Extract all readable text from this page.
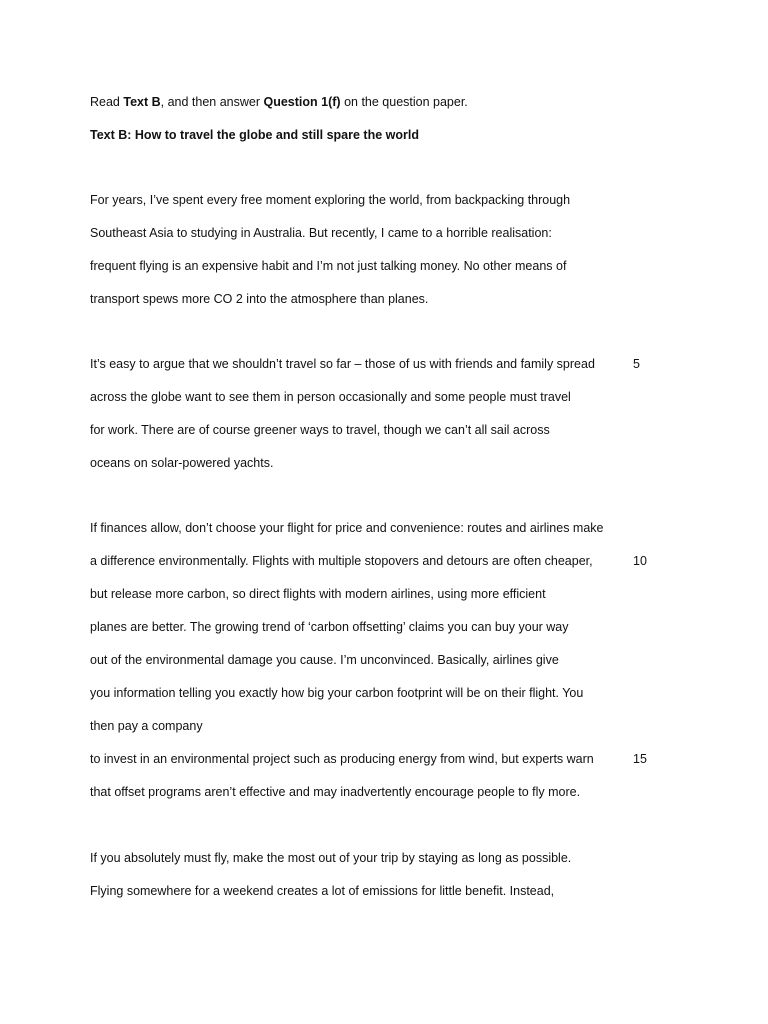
Read Text B, and then answer Question 1(f) on the question paper.
Text B: How to travel the globe and still spare the world
For years, I’ve spent every free moment exploring the world, from backpacking through
Southeast Asia to studying in Australia. But recently, I came to a horrible realisation:
frequent flying is an expensive habit and I’m not just talking money. No other means of
transport spews more CO 2 into the atmosphere than planes.
It’s easy to argue that we shouldn’t travel so far – those of us with friends and family spread	5
across the globe want to see them in person occasionally and some people must travel
for work. There are of course greener ways to travel, though we can’t all sail across
oceans on solar-powered yachts.
If finances allow, don’t choose your flight for price and convenience: routes and airlines make
a difference environmentally. Flights with multiple stopovers and detours are often cheaper,	10
but release more carbon, so direct flights with modern airlines, using more efficient
planes are better. The growing trend of ‘carbon offsetting’ claims you can buy your way
out of the environmental damage you cause. I’m unconvinced. Basically, airlines give
you information telling you exactly how big your carbon footprint will be on their flight. You
then pay a company
to invest in an environmental project such as producing energy from wind, but experts warn	15
that offset programs aren’t effective and may inadvertently encourage people to fly more.
If you absolutely must fly, make the most out of your trip by staying as long as possible.
Flying somewhere for a weekend creates a lot of emissions for little benefit. Instead,
